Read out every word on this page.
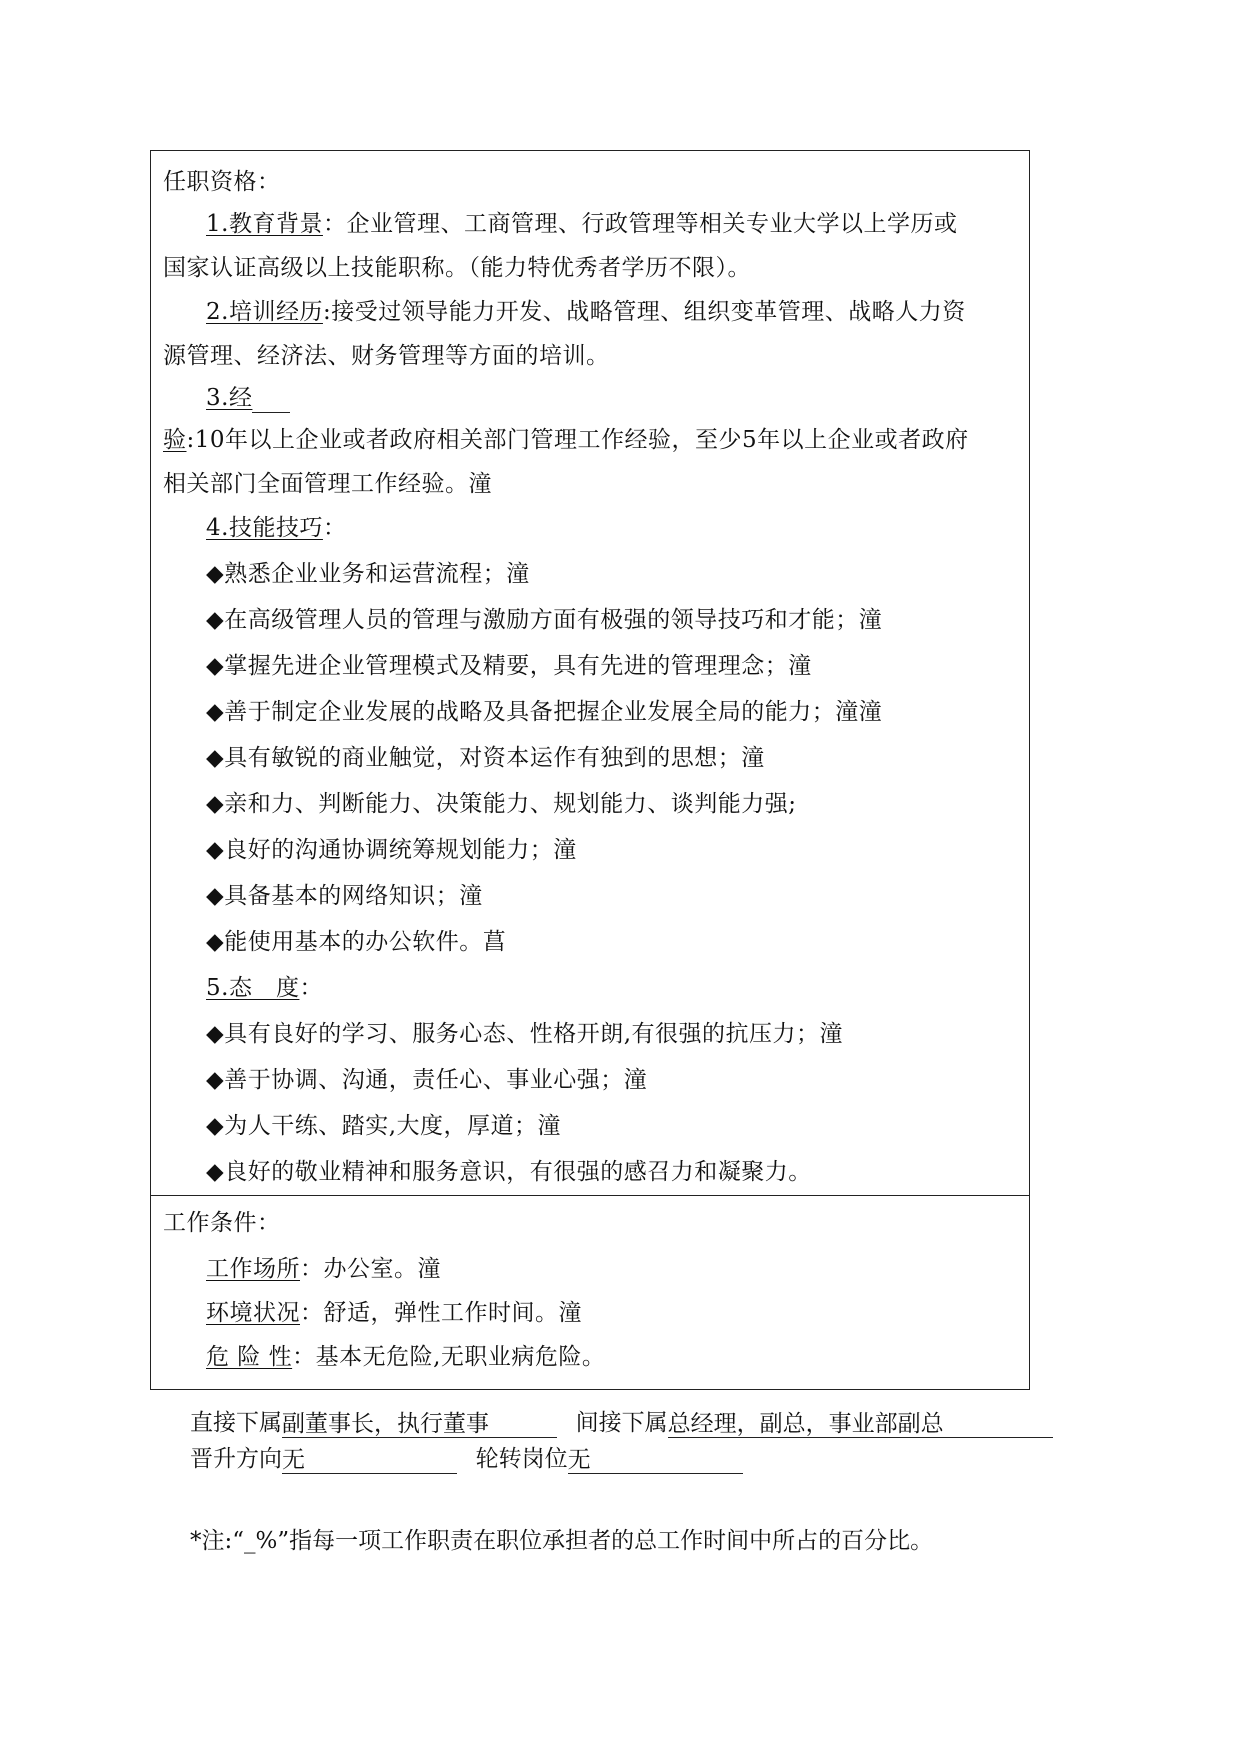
任职资格：
1.教育背景：企业管理、工商管理、行政管理等相关专业大学以上学历或
国家认证高级以上技能职称。（能力特优秀者学历不限）。
2.培训经历:接受过领导能力开发、战略管理、组织变革管理、战略人力资
源管理、经济法、财务管理等方面的培训。
3.经
验:10年以上企业或者政府相关部门管理工作经验，至少5年以上企业或者政府
相关部门全面管理工作经验。潼
4.技能技巧：
◆熟悉企业业务和运营流程；潼
◆在高级管理人员的管理与激励方面有极强的领导技巧和才能；潼
◆掌握先进企业管理模式及精要，具有先进的管理理念；潼
◆善于制定企业发展的战略及具备把握企业发展全局的能力；潼潼
◆具有敏锐的商业触觉，对资本运作有独到的思想；潼
◆亲和力、判断能力、决策能力、规划能力、谈判能力强;
◆良好的沟通协调统筹规划能力；潼
◆具备基本的网络知识；潼
◆能使用基本的办公软件。菖
5.态　度：
◆具有良好的学习、服务心态、性格开朗,有很强的抗压力；潼
◆善于协调、沟通，责任心、事业心强；潼
◆为人干练、踏实,大度，厚道；潼
◆良好的敬业精神和服务意识，有很强的感召力和凝聚力。
工作条件：
工作场所：办公室。潼
环境状况：舒适，弹性工作时间。潼
危 险 性：基本无危险,无职业病危险。
直接下属副董事长，执行董事	间接下属总经理，副总，事业部副总
晋升方向无	轮转岗位无
*注:“_%”指每一项工作职责在职位承担者的总工作时间中所占的百分比。
